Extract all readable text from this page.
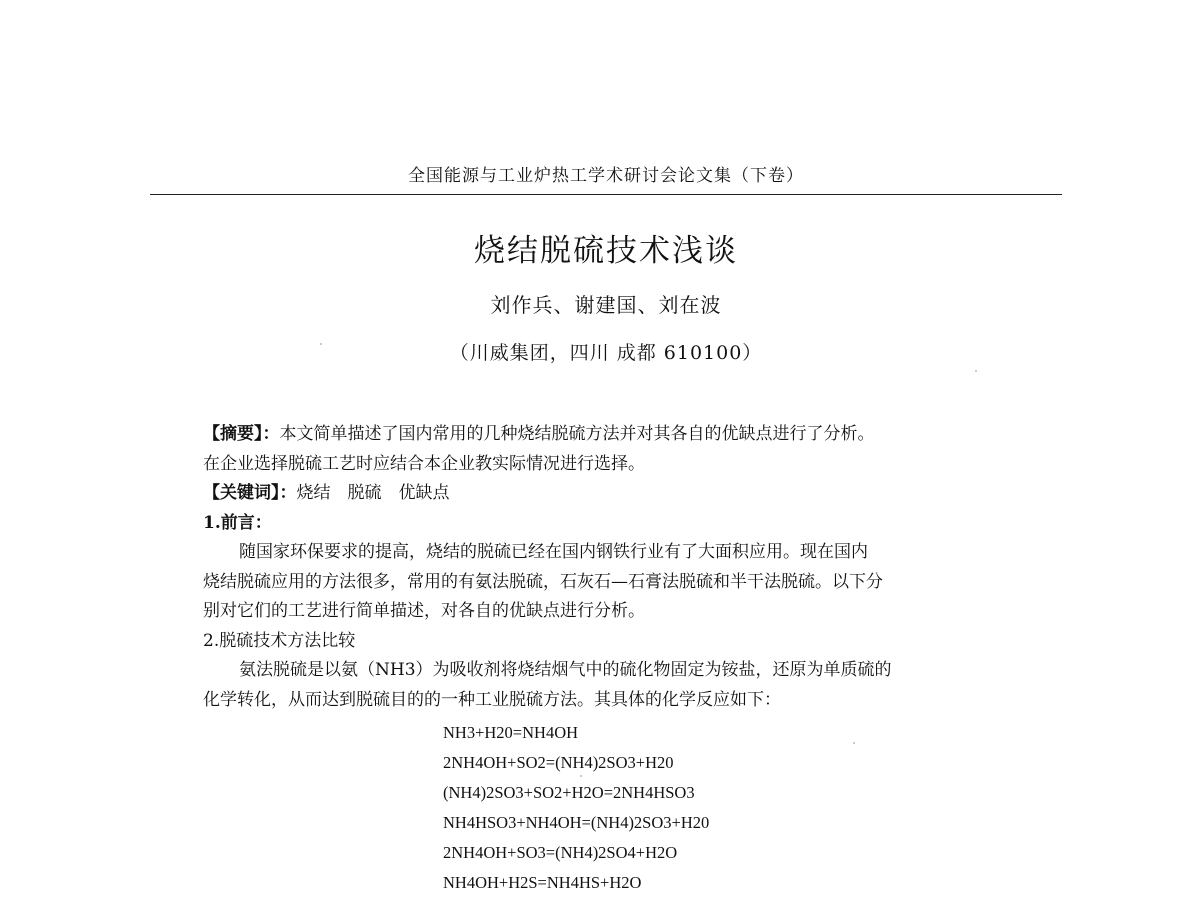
全国能源与工业炉热工学术研讨会论文集（下卷）
烧结脱硫技术浅谈
刘作兵、谢建国、刘在波
（川威集团，四川 成都 610100）

【摘要】：本文简单描述了国内常用的几种烧结脱硫方法并对其各自的优缺点进行了分析。

在企业选择脱硫工艺时应结合本企业教实际情况进行选择。

【关键词】：烧结　脱硫　优缺点

1.前言：

随国家环保要求的提高，烧结的脱硫已经在国内钢铁行业有了大面积应用。现在国内

烧结脱硫应用的方法很多，常用的有氨法脱硫，石灰石—石膏法脱硫和半干法脱硫。以下分

别对它们的工艺进行简单描述，对各自的优缺点进行分析。

2.脱硫技术方法比较

氨法脱硫是以氨（NH3）为吸收剂将烧结烟气中的硫化物固定为铵盐，还原为单质硫的

化学转化，从而达到脱硫目的的一种工业脱硫方法。其具体的化学反应如下：

NH3+H20=NH4OH
2NH4OH+SO2=(NH4)2SO3+H20
(NH4)2SO3+SO2+H2O=2NH4HSO3
NH4HSO3+NH4OH=(NH4)2SO3+H20
2NH4OH+SO3=(NH4)2SO4+H2O
NH4OH+H2S=NH4HS+H2O
